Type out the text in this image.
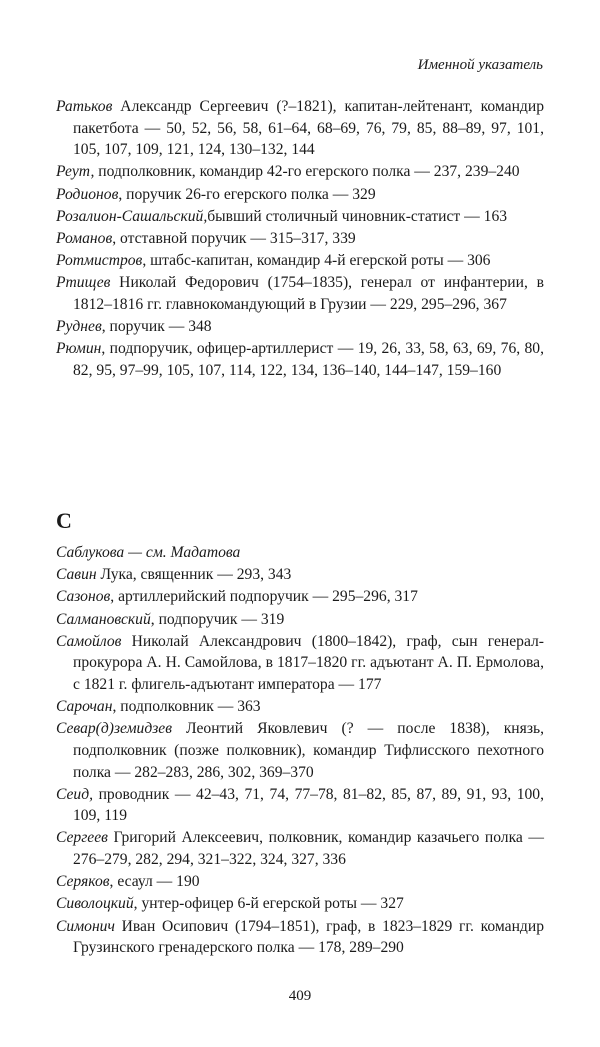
Именной указатель

Ратьков Александр Сергеевич (?–1821), капитан-лейтенант, командир пакетбота — 50, 52, 56, 58, 61–64, 68–69, 76, 79, 85, 88–89, 97, 101, 105, 107, 109, 121, 124, 130–132, 144

Реут, подполковник, командир 42-го егерского полка — 237, 239–240

Родионов, поручик 26-го егерского полка — 329

Розалион-Сашальский,бывший столичный чиновник-статист — 163

Романов, отставной поручик — 315–317, 339

Ротмистров, штабс-капитан, командир 4-й егерской роты — 306

Ртищев Николай Федорович (1754–1835), генерал от инфантерии, в 1812–1816 гг. главнокомандующий в Грузии — 229, 295–296, 367

Руднев, поручик — 348

Рюмин, подпоручик, офицер-артиллерист — 19, 26, 33, 58, 63, 69, 76, 80, 82, 95, 97–99, 105, 107, 114, 122, 134, 136–140, 144–147, 159–160

С

Саблукова — см. Мадатова

Савин Лука, священник — 293, 343

Сазонов, артиллерийский подпоручик — 295–296, 317

Салмановский, подпоручик — 319

Самойлов Николай Александрович (1800–1842), граф, сын генерал-прокурора А. Н. Самойлова, в 1817–1820 гг. адъютант А. П. Ермолова, с 1821 г. флигель-адъютант императора — 177

Сарочан, подполковник — 363

Севар(д)земидзев Леонтий Яковлевич (? — после 1838), князь, подполковник (позже полковник), командир Тифлисского пехотного полка — 282–283, 286, 302, 369–370

Сеид, проводник — 42–43, 71, 74, 77–78, 81–82, 85, 87, 89, 91, 93, 100, 109, 119

Сергеев Григорий Алексеевич, полковник, командир казачьего полка — 276–279, 282, 294, 321–322, 324, 327, 336

Серяков, есаул — 190

Сиволоцкий, унтер-офицер 6-й егерской роты — 327

Симонич Иван Осипович (1794–1851), граф, в 1823–1829 гг. командир Грузинского гренадерского полка — 178, 289–290

409
